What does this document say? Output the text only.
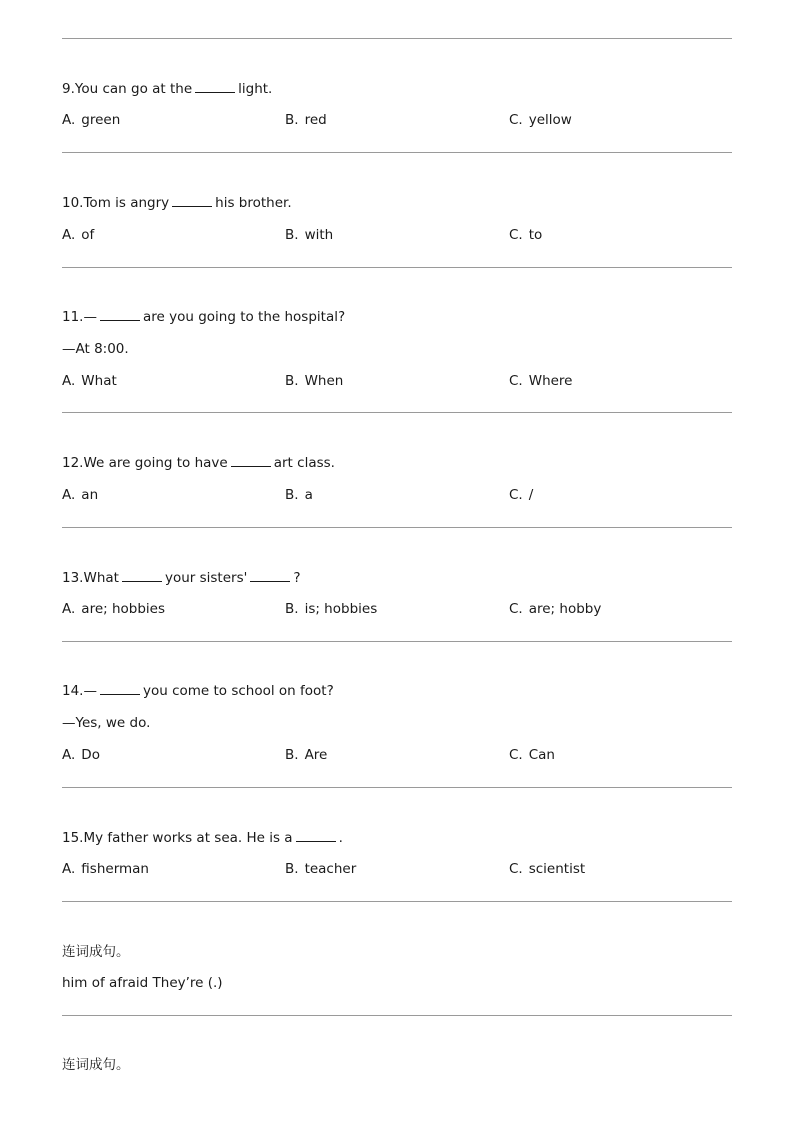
9.You can go at the	light.
A. green	B. red	C. yellow
10.Tom is angry	his brother.
A. of	B. with	C. to
11.—	are you going to the hospital?
—At 8:00.
A. What	B. When	C. Where
12.We are going to have	art class.
A. an	B. a	C. /
13.What	your sisters'	?
A. are; hobbies	B. is; hobbies	C. are; hobby
14.—	you come to school on foot?
—Yes, we do.
A. Do	B. Are	C. Can
15.My father works at sea. He is a	.
A. fisherman	B. teacher	C. scientist
连词成句。
him of afraid They’re (.)
连词成句。
